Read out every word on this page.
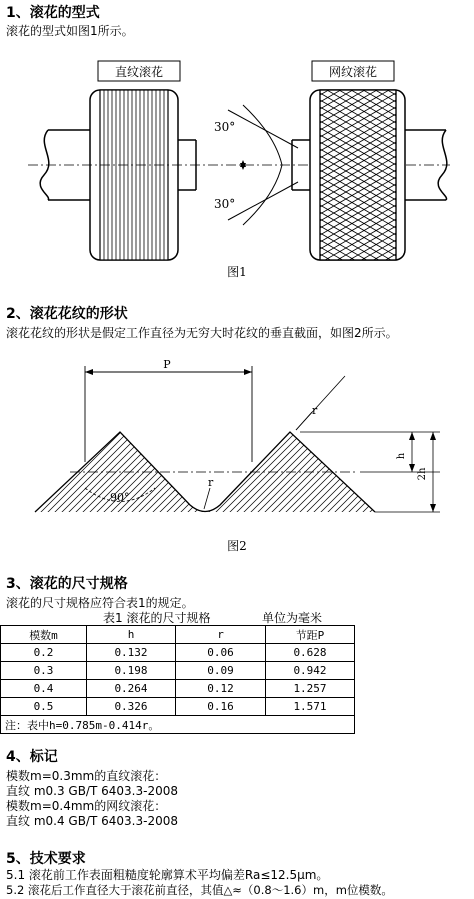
1、滚花的型式
滚花的型式如图1所示。
直纹滚花	网纹滚花
30°
30°
图1
2、滚花花纹的形状
滚花花纹的形状是假定工作直径为无穷大时花纹的垂直截面，如图2所示。
P
90°
r
r
h
2h
图2
3、滚花的尺寸规格
滚花的尺寸规格应符合表1的规定。
表1 滚花的尺寸规格	单位为毫米
模数m	h	r	节距P
0.2	0.132	0.06	0.628
0.3	0.198	0.09	0.942
0.4	0.264	0.12	1.257
0.5	0.326	0.16	1.571
注：表中h=0.785m-0.414r。			
4、标记
模数m=0.3mm的直纹滚花：
直纹 m0.3 GB/T 6403.3-2008
模数m=0.4mm的网纹滚花：
直纹 m0.4 GB/T 6403.3-2008
5、技术要求
5.1 滚花前工作表面粗糙度轮廓算术平均偏差Ra≤12.5μm。
5.2 滚花后工作直径大于滚花前直径，其值△≈（0.8～1.6）m，m位模数。
